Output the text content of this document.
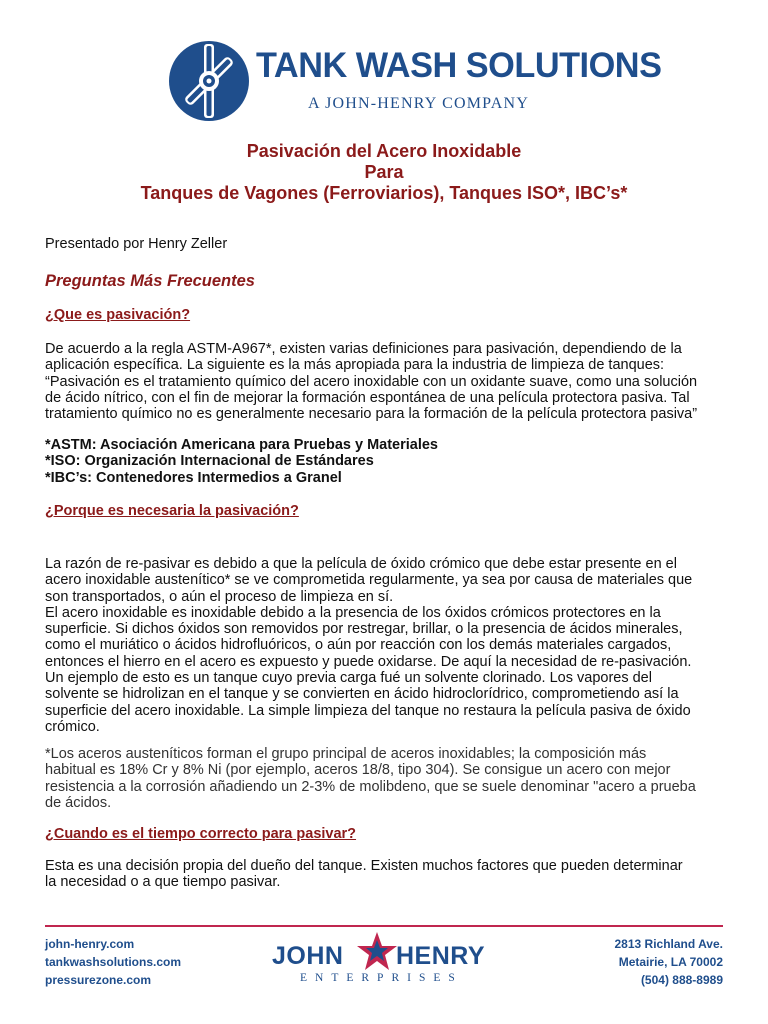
TANK WASH SOLUTIONS
A JOHN-HENRY COMPANY
Pasivación del Acero Inoxidable
Para
Tanques de Vagones (Ferroviarios), Tanques ISO*, IBC’s*
Presentado por Henry Zeller
Preguntas Más Frecuentes
¿Que es pasivación?

De acuerdo a la regla ASTM-A967*, existen varias definiciones para pasivación, dependiendo de la

aplicación específica. La siguiente es la más apropiada para la industria de limpieza de tanques:

“Pasivación es el tratamiento químico del acero inoxidable con un oxidante suave, como una solución

de ácido nítrico, con el fin de mejorar la formación espontánea de una película protectora pasiva. Tal

tratamiento químico no es generalmente necesario para la formación de la película protectora pasiva”

*ASTM: Asociación Americana para Pruebas y Materiales

*ISO: Organización Internacional de Estándares

*IBC’s: Contenedores Intermedios a Granel

¿Porque es necesaria la pasivación?

La razón de re-pasivar es debido a que la película de óxido crómico que debe estar presente en el

acero inoxidable austenítico* se ve comprometida regularmente, ya sea por causa de materiales que

son transportados, o aún el proceso de limpieza en sí.

El acero inoxidable es inoxidable debido a la presencia de los óxidos crómicos protectores en la

superficie. Si dichos óxidos son removidos por restregar, brillar, o la presencia de ácidos minerales,

como el muriático o ácidos hidrofluóricos, o aún por reacción con los demás materiales cargados,

entonces el hierro en el acero es expuesto y puede oxidarse. De aquí la necesidad de re-pasivación.

Un ejemplo de esto es un tanque cuyo previa carga fué un solvente clorinado. Los vapores del

solvente se hidrolizan en el tanque y se convierten en ácido hidroclorídrico, comprometiendo así la

superficie del acero inoxidable. La simple limpieza del tanque no restaura la película pasiva de óxido

crómico.

*Los aceros austeníticos forman el grupo principal de aceros inoxidables; la composición más

habitual es 18% Cr y 8% Ni (por ejemplo, aceros 18/8, tipo 304). Se consigue un acero con mejor

resistencia a la corrosión añadiendo un 2-3% de molibdeno, que se suele denominar "acero a prueba

de ácidos.

¿Cuando es el tiempo correcto para pasivar?

Esta es una decisión propia del dueño del tanque. Existen muchos factores que pueden determinar

la necesidad o a que tiempo pasivar.

john-henry.com
tankwashsolutions.com
pressurezone.com
JOHN HENRY
ENTERPRISES
2813 Richland Ave.
Metairie, LA 70002
(504) 888-8989
